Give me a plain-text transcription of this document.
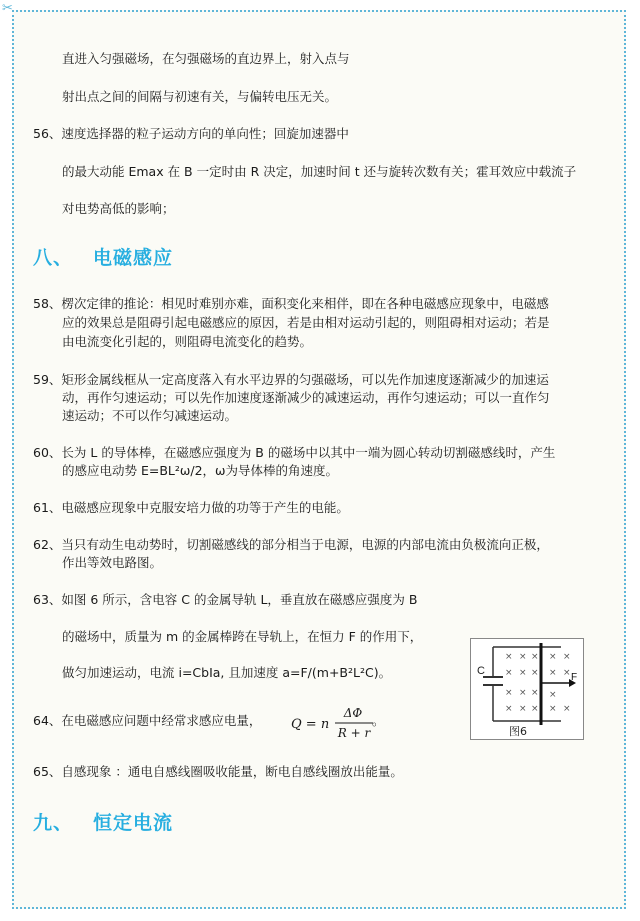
✂
直进入匀强磁场，在匀强磁场的直边界上，射入点与
射出点之间的间隔与初速有关，与偏转电压无关。
56、速度选择器的粒子运动方向的单向性；回旋加速器中
的最大动能 Emax 在 B 一定时由 R 决定，加速时间 t 还与旋转次数有关；霍耳效应中载流子
对电势高低的影响；
八、 电磁感应
58、楞次定律的推论：相见时难别亦难，面积变化来相伴，即在各种电磁感应现象中，电磁感
应的效果总是阻碍引起电磁感应的原因，若是由相对运动引起的，则阻碍相对运动；若是
由电流变化引起的，则阻碍电流变化的趋势。
59、矩形金属线框从一定高度落入有水平边界的匀强磁场，可以先作加速度逐渐减少的加速运
动，再作匀速运动；可以先作加速度逐渐减少的减速运动，再作匀速运动；可以一直作匀
速运动；不可以作匀减速运动。
60、长为 L 的导体棒，在磁感应强度为 B 的磁场中以其中一端为圆心转动切割磁感线时，产生
的感应电动势 E=BL²ω/2，ω为导体棒的角速度。
61、电磁感应现象中克服安培力做的功等于产生的电能。
62、当只有动生电动势时，切割磁感线的部分相当于电源，电源的内部电流由负极流向正极，
作出等效电路图。
63、如图 6 所示，含电容 C 的金属导轨 L，垂直放在磁感应强度为 B
的磁场中，质量为 m 的金属棒跨在导轨上，在恒力 F 的作用下，
做匀加速运动，电流 i=CbIa, 且加速度 a=F/(m+B²L²C)。
64、在电磁感应问题中经常求感应电量， Q = n
ΔΦ
R + r
。
65、自感现象 ：通电自感线圈吸收能量，断电自感线圈放出能量。
九、 恒定电流
C
F
× × × × ×
× × × × ×
× × × ×
× × × × ×
图6
